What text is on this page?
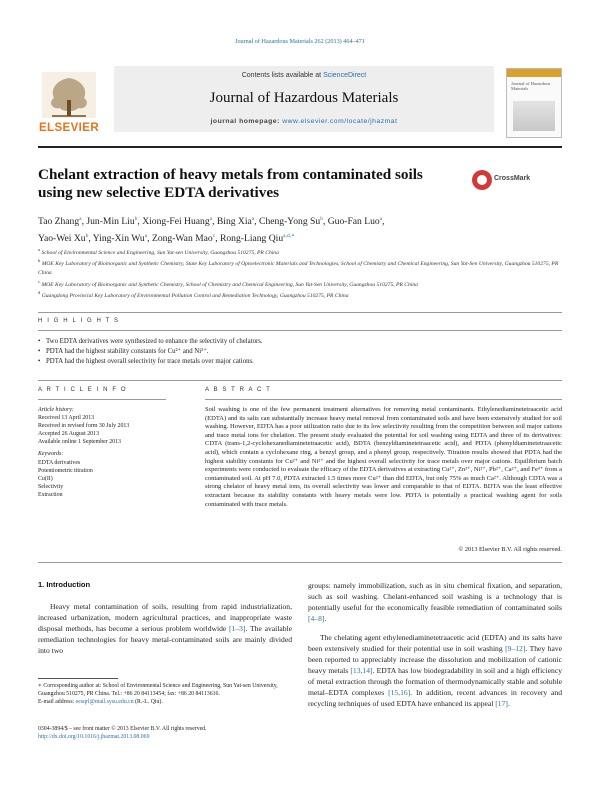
Journal of Hazardous Materials 262 (2013) 464–471
ELSEVIER
Contents lists available at ScienceDirect
Journal of Hazardous Materials
journal homepage: www.elsevier.com/locate/jhazmat
Journal of Hazardous Materials
Chelant extraction of heavy metals from contaminated soils using new selective EDTA derivatives
CrossMark
Tao Zhang$^a$, Jun-Min Liu$^b$, Xiong-Fei Huang$^a$, Bing Xia$^a$, Cheng-Yong Su$^b$, Guo-Fan Luo$^a$,
Yao-Wei Xu$^b$, Ying-Xin Wu$^a$, Zong-Wan Mao$^c$, Rong-Liang Qiu$^{a,d,∗}$
$^a$ School of Environmental Science and Engineering, Sun Yat-sen University, Guangzhou 510275, PR China
$^b$ MOE Key Laboratory of Bioinorganic and Synthetic Chemistry, State Key Laboratory of Optoelectronic Materials and Technologies, School of Chemistry and Chemical Engineering, Sun Yat-Sen University, Guangzhou 510275, PR China
$^c$ MOE Key Laboratory of Bioinorganic and Synthetic Chemistry, School of Chemistry and Chemical Engineering, Sun Yat-Sen University, Guangzhou 510275, PR China
$^d$ Guangdong Provincial Key Laboratory of Environmental Pollution Control and Remediation Technology, Guangzhou 510275, PR China
H I G H L I G H T S
• Two EDTA derivatives were synthesized to enhance the selectivity of chelators.
• PDTA had the highest stability constants for Cu²⁺ and Ni²⁺.
• PDTA had the highest overall selectivity for trace metals over major cations.
A R T I C L E I N F O	A B S T R A C T
Article history:
Received 13 April 2013
Received in revised form 30 July 2013
Accepted 26 August 2013
Available online 1 September 2013
Keywords:
EDTA derivatives
Potentiometric titration
Cu(II)
Selectivity
Extraction
Soil washing is one of the few permanent treatment alternatives for removing metal contaminants. Ethylenediaminetetraacetic acid (EDTA) and its salts can substantially increase heavy metal removal from contaminated soils and have been extensively studied for soil washing. However, EDTA has a poor utilization ratio due to its low selectivity resulting from the competition between soil major cations and trace metal ions for chelation. The present study evaluated the potential for soil washing using EDTA and three of its derivatives: CDTA (trans-1,2-cyclohexanediaminetetraacetic acid), BDTA (benzyldiaminetetraacetic acid), and PDTA (phenyldiaminetetraacetic acid), which contain a cyclohexane ring, a benzyl group, and a phenyl group, respectively. Titration results showed that PDTA had the highest stability constants for Cu²⁺ and Ni²⁺ and the highest overall selectivity for trace metals over major cations. Equilibrium batch experiments were conducted to evaluate the efficacy of the EDTA derivatives at extracting Cu²⁺, Zn²⁺, Ni²⁺, Pb²⁺, Ca²⁺, and Fe³⁺ from a contaminated soil. At pH 7.0, PDTA extracted 1.5 times more Cu²⁺ than did EDTA, but only 75% as much Ca²⁺. Although CDTA was a strong chelator of heavy metal ions, its overall selectivity was lower and comparable to that of EDTA. BDTA was the least effective extractant because its stability constants with heavy metals were low. PDTA is potentially a practical washing agent for soils contaminated with trace metals.
© 2013 Elsevier B.V. All rights reserved.
1. Introduction

Heavy metal contamination of soils, resulting from rapid industrialization, increased urbanization, modern agricultural practices, and inappropriate waste disposal methods, has become a serious problem worldwide [1–3]. The available remediation technologies for heavy metal-contaminated soils are mainly divided into two

groups: namely immobilization, such as in situ chemical fixation, and separation, such as soil washing. Chelant-enhanced soil washing is a technology that is potentially useful for the economically feasible remediation of contaminated soils [4–8].

The chelating agent ethylenediaminetetraacetic acid (EDTA) and its salts have been extensively studied for their potential use in soil washing [9–12]. They have been reported to appreciably increase the dissolution and mobilization of cationic heavy metals [13,14]. EDTA has low biodegradability in soil and a high efficiency of metal extraction through the formation of thermodynamically stable and soluble metal–EDTA complexes [15,16]. In addition, recent advances in recovery and recycling techniques of used EDTA have enhanced its appeal [17].

∗ Corresponding author at: School of Environmental Science and Engineering, Sun Yat-sen University, Guangzhou 510275, PR China. Tel.: +86 20 84113454; fax: +86 20 84113616.
E-mail address: eesqrl@mail.sysu.edu.cn (R.-L. Qiu).
0304-3894/$ – see front matter © 2013 Elsevier B.V. All rights reserved.
http://dx.doi.org/10.1016/j.jhazmat.2013.08.069
